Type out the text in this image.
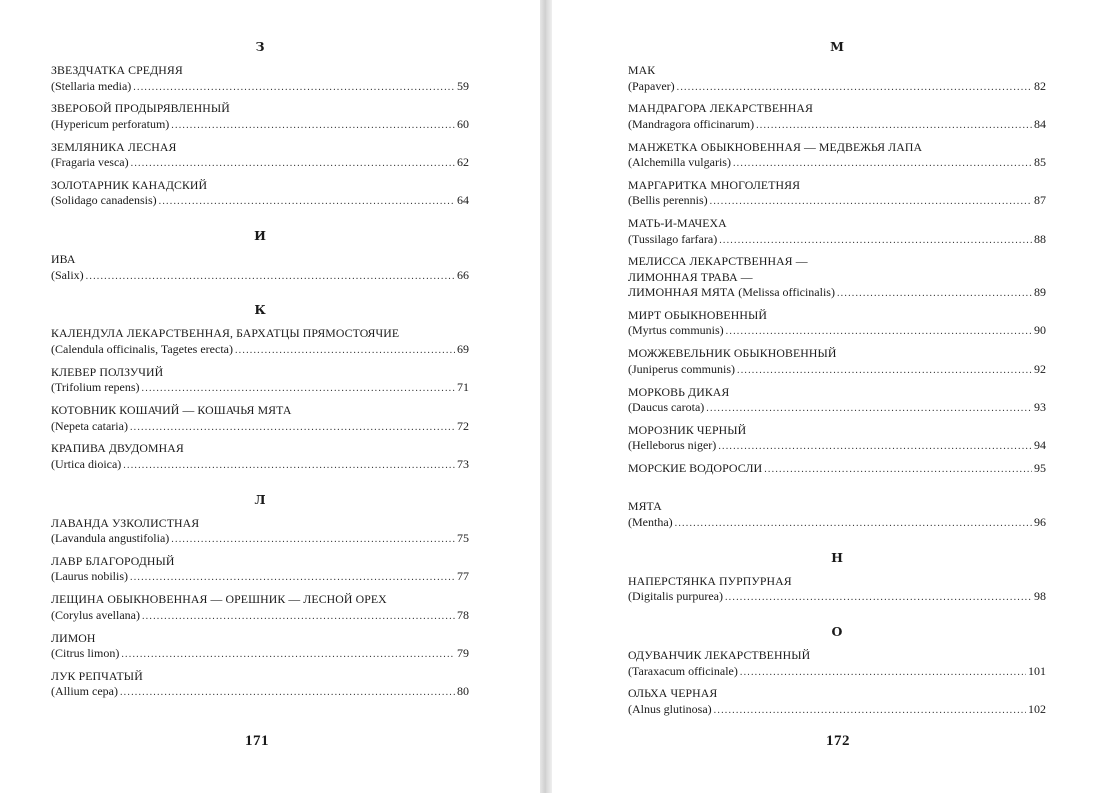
З
ЗВЕЗДЧАТКА СРЕДНЯЯ
(Stellaria media) .....	59
ЗВЕРОБОЙ ПРОДЫРЯВЛЕННЫЙ
(Hypericum perforatum) .....	60
ЗЕМЛЯНИКА ЛЕСНАЯ
(Fragaria vesca) .....	62
ЗОЛОТАРНИК КАНАДСКИЙ
(Solidago canadensis) .....	64
И
ИВА
(Salix) .....	66
К
КАЛЕНДУЛА ЛЕКАРСТВЕННАЯ, БАРХАТЦЫ ПРЯМОСТОЯЧИЕ
(Calendula officinalis, Tagetes erecta) .....	69
КЛЕВЕР ПОЛЗУЧИЙ
(Trifolium repens) .....	71
КОТОВНИК КОШАЧИЙ — КОШАЧЬЯ МЯТА
(Nepeta cataria) .....	72
КРАПИВА ДВУДОМНАЯ
(Urtica dioica) .....	73
Л
ЛАВАНДА УЗКОЛИСТНАЯ
(Lavandula angustifolia) .....	75
ЛАВР БЛАГОРОДНЫЙ
(Laurus nobilis) .....	77
ЛЕЩИНА ОБЫКНОВЕННАЯ — ОРЕШНИК — ЛЕСНОЙ ОРЕХ
(Corylus avellana) .....	78
ЛИМОН
(Citrus limon) .....	79
ЛУК РЕПЧАТЫЙ
(Allium cepa) .....	80
171
М
МАК
(Papaver) .....	82
МАНДРАГОРА ЛЕКАРСТВЕННАЯ
(Mandragora officinarum) .....	84
МАНЖЕТКА ОБЫКНОВЕННАЯ — МЕДВЕЖЬЯ ЛАПА
(Alchemilla vulgaris) .....	85
МАРГАРИТКА МНОГОЛЕТНЯЯ
(Bellis perennis) .....	87
МАТЬ-И-МАЧЕХА
(Tussilago farfara) .....	88
МЕЛИССА ЛЕКАРСТВЕННАЯ —
ЛИМОННАЯ ТРАВА —
ЛИМОННАЯ МЯТА (Melissa officinalis) .....	89
МИРТ ОБЫКНОВЕННЫЙ
(Myrtus communis) .....	90
МОЖЖЕВЕЛЬНИК ОБЫКНОВЕННЫЙ
(Juniperus communis) .....	92
МОРКОВЬ ДИКАЯ
(Daucus carota) .....	93
МОРОЗНИК ЧЕРНЫЙ
(Helleborus niger) .....	94
МОРСКИЕ ВОДОРОСЛИ .....	95
МЯТА
(Mentha) .....	96
Н
НАПЕРСТЯНКА ПУРПУРНАЯ
(Digitalis purpurea) .....	98
О
ОДУВАНЧИК ЛЕКАРСТВЕННЫЙ
(Taraxacum officinale) .....	101
ОЛЬХА ЧЕРНАЯ
(Alnus glutinosa) .....	102
172
